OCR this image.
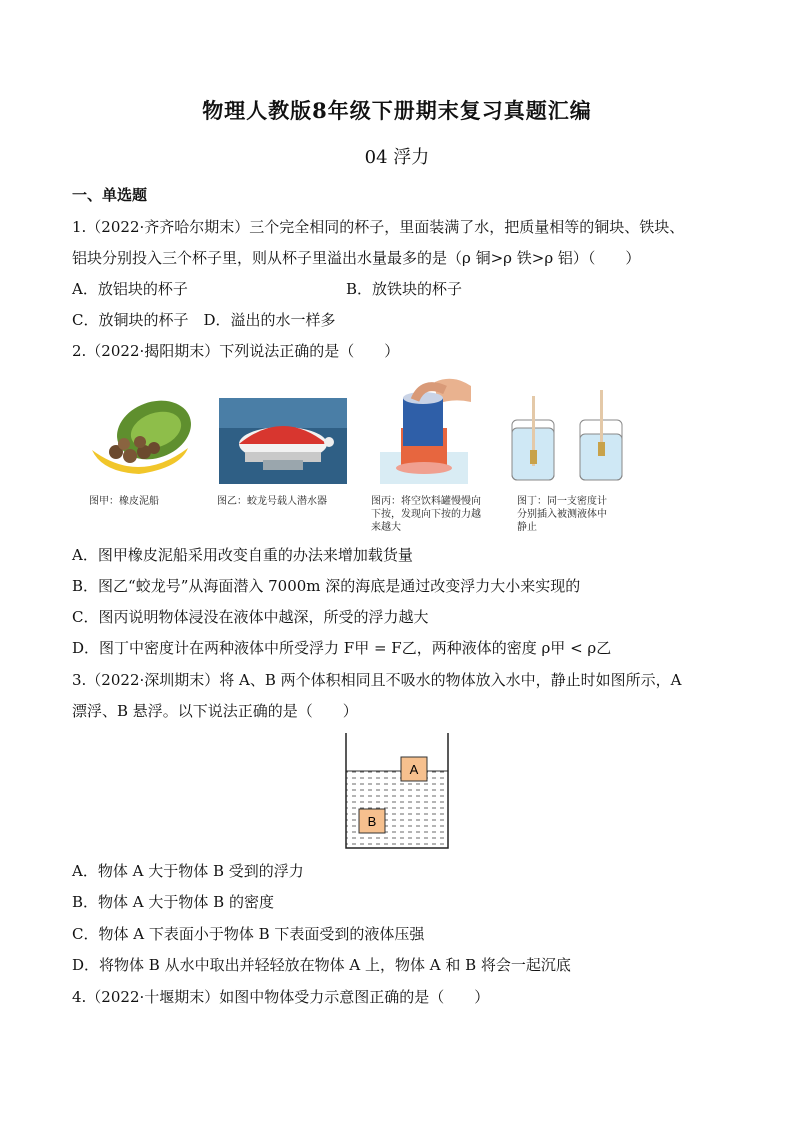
物理人教版8年级下册期末复习真题汇编
04 浮力
一、单选题
1.（2022·齐齐哈尔期末）三个完全相同的杯子，里面装满了水，把质量相等的铜块、铁块、
铝块分别投入三个杯子里，则从杯子里溢出水量最多的是（ρ 铜>ρ 铁>ρ 铝）（　　）
A．放铝块的杯子	B．放铁块的杯子
C．放铜块的杯子　D．溢出的水一样多
2.（2022·揭阳期末）下列说法正确的是（　　）
图甲：橡皮泥船	图乙：蛟龙号载人潜水器	图丙：将空饮料罐慢慢向
下按，发现向下按的力越
来越大
图丁：同一支密度计
分别插入被测液体中
静止
A．图甲橡皮泥船采用改变自重的办法来增加载货量
B．图乙“蛟龙号”从海面潜入 7000m 深的海底是通过改变浮力大小来实现的
C．图丙说明物体浸没在液体中越深，所受的浮力越大
D．图丁中密度计在两种液体中所受浮力 F甲 = F乙，两种液体的密度 ρ甲 < ρ乙
3.（2022·深圳期末）将 A、B 两个体积相同且不吸水的物体放入水中，静止时如图所示，A
漂浮、B 悬浮。以下说法正确的是（　　）
A
B
A．物体 A 大于物体 B 受到的浮力
B．物体 A 大于物体 B 的密度
C．物体 A 下表面小于物体 B 下表面受到的液体压强
D．将物体 B 从水中取出并轻轻放在物体 A 上，物体 A 和 B 将会一起沉底
4.（2022·十堰期末）如图中物体受力示意图正确的是（　　）
